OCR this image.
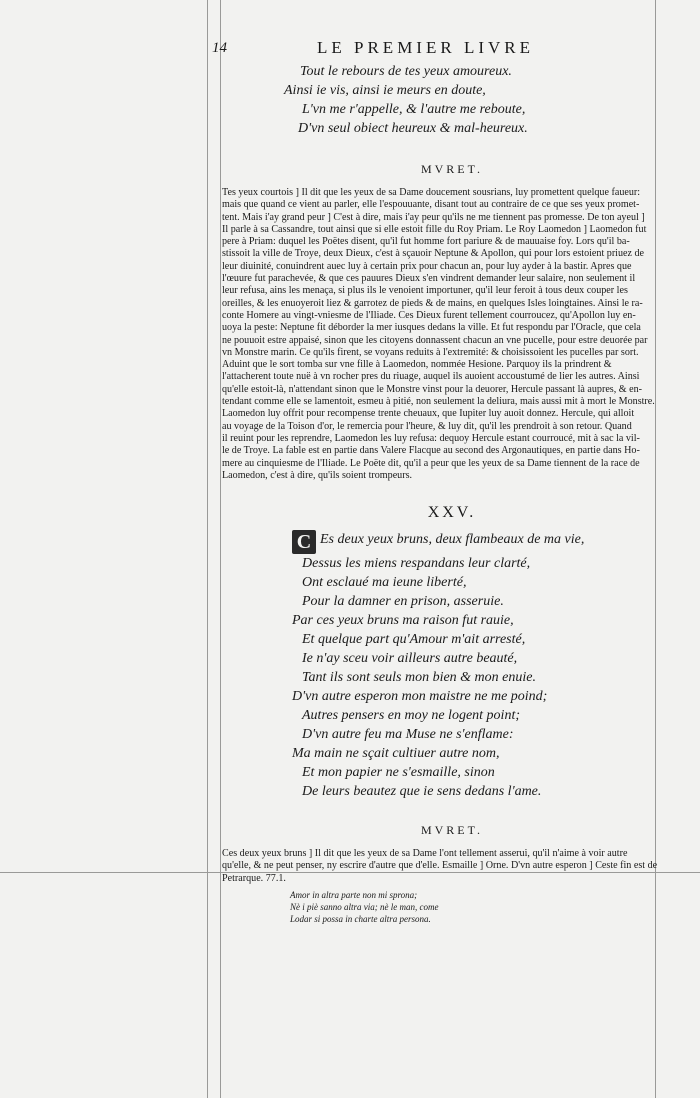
14	LE PREMIER LIVRE
Tout le rebours de tes yeux amoureux.
Ainsi ie vis, ainsi ie meurs en doute,
L'vn me r'appelle, & l'autre me reboute,
D'vn seul obiect heureux & mal-heureux.
MVRET.
Tes yeux courtois ] Il dit que les yeux de sa Dame doucement sousrians, luy promettent quelque faueur:
mais que quand ce vient au parler, elle l'espouuante, disant tout au contraire de ce que ses yeux promet-
tent. Mais i'ay grand peur ] C'est à dire, mais i'ay peur qu'ils ne me tiennent pas promesse. De ton ayeul ]
Il parle à sa Cassandre, tout ainsi que si elle estoit fille du Roy Priam. Le Roy Laomedon ] Laomedon fut
pere à Priam: duquel les Poëtes disent, qu'il fut homme fort pariure & de mauuaise foy. Lors qu'il ba-
stissoit la ville de Troye, deux Dieux, c'est à sçauoir Neptune & Apollon, qui pour lors estoient priuez de
leur diuinité, conuindrent auec luy à certain prix pour chacun an, pour luy ayder à la bastir. Apres que
l'œuure fut parachevée, & que ces pauures Dieux s'en vindrent demander leur salaire, non seulement il
leur refusa, ains les menaça, si plus ils le venoient importuner, qu'il leur feroit à tous deux couper les
oreilles, & les enuoyeroit liez & garrotez de pieds & de mains, en quelques Isles loingtaines. Ainsi le ra-
conte Homere au vingt-vniesme de l'Iliade. Ces Dieux furent tellement courroucez, qu'Apollon luy en-
uoya la peste: Neptune fit déborder la mer iusques dedans la ville. Et fut respondu par l'Oracle, que cela
ne pouuoit estre appaisé, sinon que les citoyens donnassent chacun an vne pucelle, pour estre deuorée par
vn Monstre marin. Ce qu'ils firent, se voyans reduits à l'extremité: & choisissoient les pucelles par sort.
Aduint que le sort tomba sur vne fille à Laomedon, nommée Hesione. Parquoy ils la prindrent &
l'attacherent toute nuë à vn rocher pres du riuage, auquel ils auoient accoustumé de lier les autres. Ainsi
qu'elle estoit-là, n'attendant sinon que le Monstre vinst pour la deuorer, Hercule passant là aupres, & en-
tendant comme elle se lamentoit, esmeu à pitié, non seulement la deliura, mais aussi mit à mort le Monstre.
Laomedon luy offrit pour recompense trente cheuaux, que Iupiter luy auoit donnez. Hercule, qui alloit
au voyage de la Toison d'or, le remercia pour l'heure, & luy dit, qu'il les prendroit à son retour. Quand
il reuint pour les reprendre, Laomedon les luy refusa: dequoy Hercule estant courroucé, mit à sac la vil-
le de Troye. La fable est en partie dans Valere Flacque au second des Argonautiques, en partie dans Ho-
mere au cinquiesme de l'Iliade. Le Poëte dit, qu'il a peur que les yeux de sa Dame tiennent de la race de
Laomedon, c'est à dire, qu'ils soient trompeurs.
XXV.
C Es deux yeux bruns, deux flambeaux de ma vie,
Dessus les miens respandans leur clarté,
Ont esclaué ma ieune liberté,
Pour la damner en prison, asseruie.
Par ces yeux bruns ma raison fut rauie,
Et quelque part qu'Amour m'ait arresté,
Ie n'ay sceu voir ailleurs autre beauté,
Tant ils sont seuls mon bien & mon enuie.
D'vn autre esperon mon maistre ne me poind;
Autres pensers en moy ne logent point;
D'vn autre feu ma Muse ne s'enflame:
Ma main ne sçait cultiuer autre nom,
Et mon papier ne s'esmaille, sinon
De leurs beautez que ie sens dedans l'ame.
MVRET.
Ces deux yeux bruns ] Il dit que les yeux de sa Dame l'ont tellement asserui, qu'il n'aime à voir autre
qu'elle, & ne peut penser, ny escrire d'autre que d'elle. Esmaille ] Orne. D'vn autre esperon ] Ceste fin est de
Petrarque. 77.1.
Amor in altra parte non mi sprona;
Nè i piè sanno altra via; nè le man, come
Lodar si possa in charte altra persona.
